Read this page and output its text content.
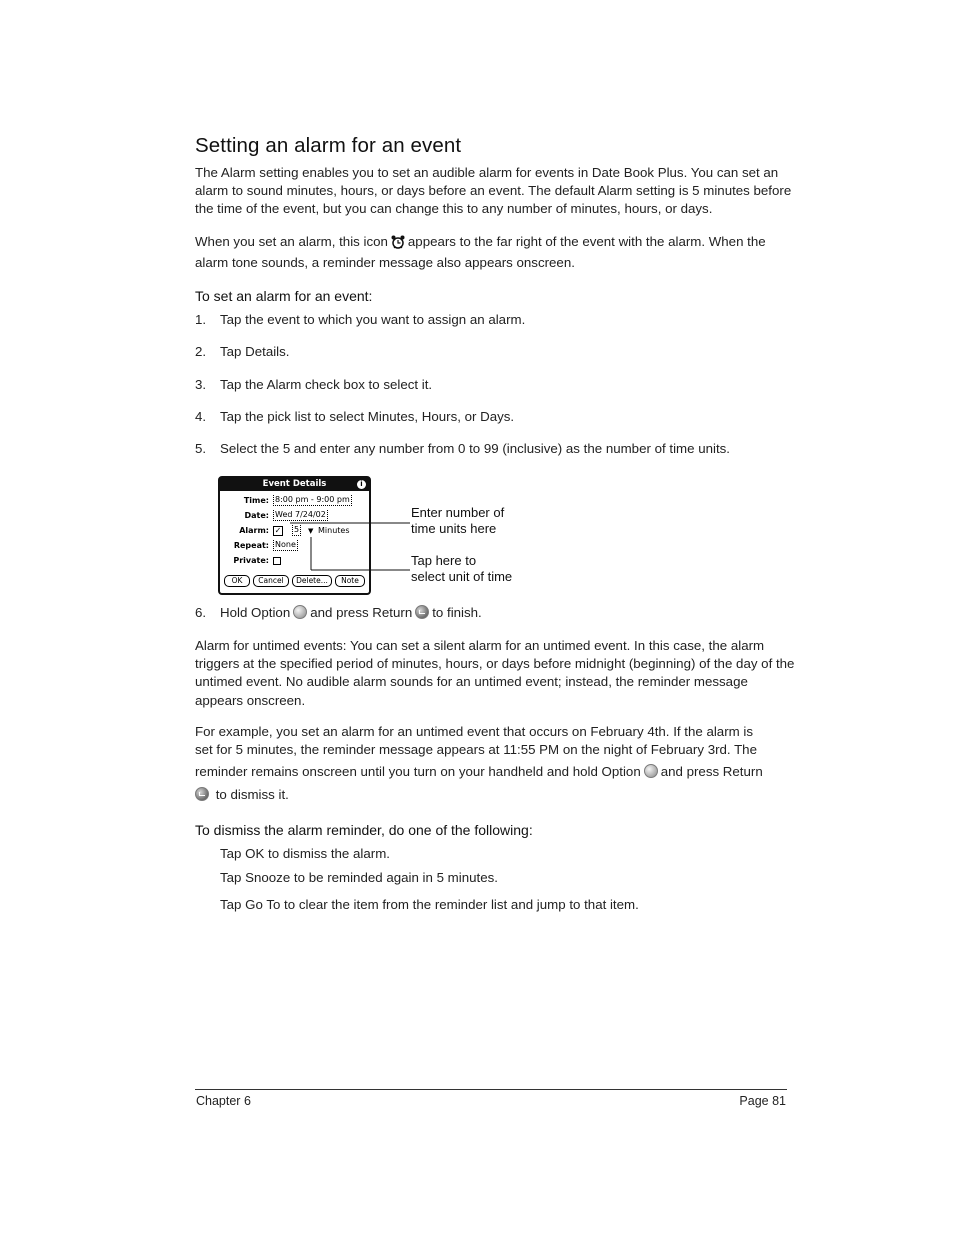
Setting an alarm for an event

The Alarm setting enables you to set an audible alarm for events in Date Book Plus. You can set an alarm to sound minutes, hours, or days before an event. The default Alarm setting is 5 minutes before the time of the event, but you can change this to any number of minutes, hours, or days.

When you set an alarm, this icon appears to the far right of the event with the alarm. When the alarm tone sounds, a reminder message also appears onscreen.

To set an alarm for an event:

1. Tap the event to which you want to assign an alarm.
2. Tap Details.
3. Tap the Alarm check box to select it.
4. Tap the pick list to select Minutes, Hours, or Days.
5. Select the 5 and enter any number from 0 to 99 (inclusive) as the number of time units.
Event Details	i
Time: 8:00 pm - 9:00 pm
Date: Wed 7/24/02
Alarm: ✓ 5 ▼ Minutes
Repeat: None
Private:
OK	Cancel	Delete...	Note
Enter number of
time units here
Tap here to
select unit of time
6. Hold Option and press Return to finish.

Alarm for untimed events: You can set a silent alarm for an untimed event. In this case, the alarm triggers at the specified period of minutes, hours, or days before midnight (beginning) of the day of the untimed event. No audible alarm sounds for an untimed event; instead, the reminder message appears onscreen.

For example, you set an alarm for an untimed event that occurs on February 4th. If the alarm is
set for 5 minutes, the reminder message appears at 11:55 PM on the night of February 3rd. The
reminder remains onscreen until you turn on your handheld and hold Option and press Return
to dismiss it.

To dismiss the alarm reminder, do one of the following:

Tap OK to dismiss the alarm.
Tap Snooze to be reminded again in 5 minutes.
Tap Go To to clear the item from the reminder list and jump to that item.
Chapter 6	Page 81
